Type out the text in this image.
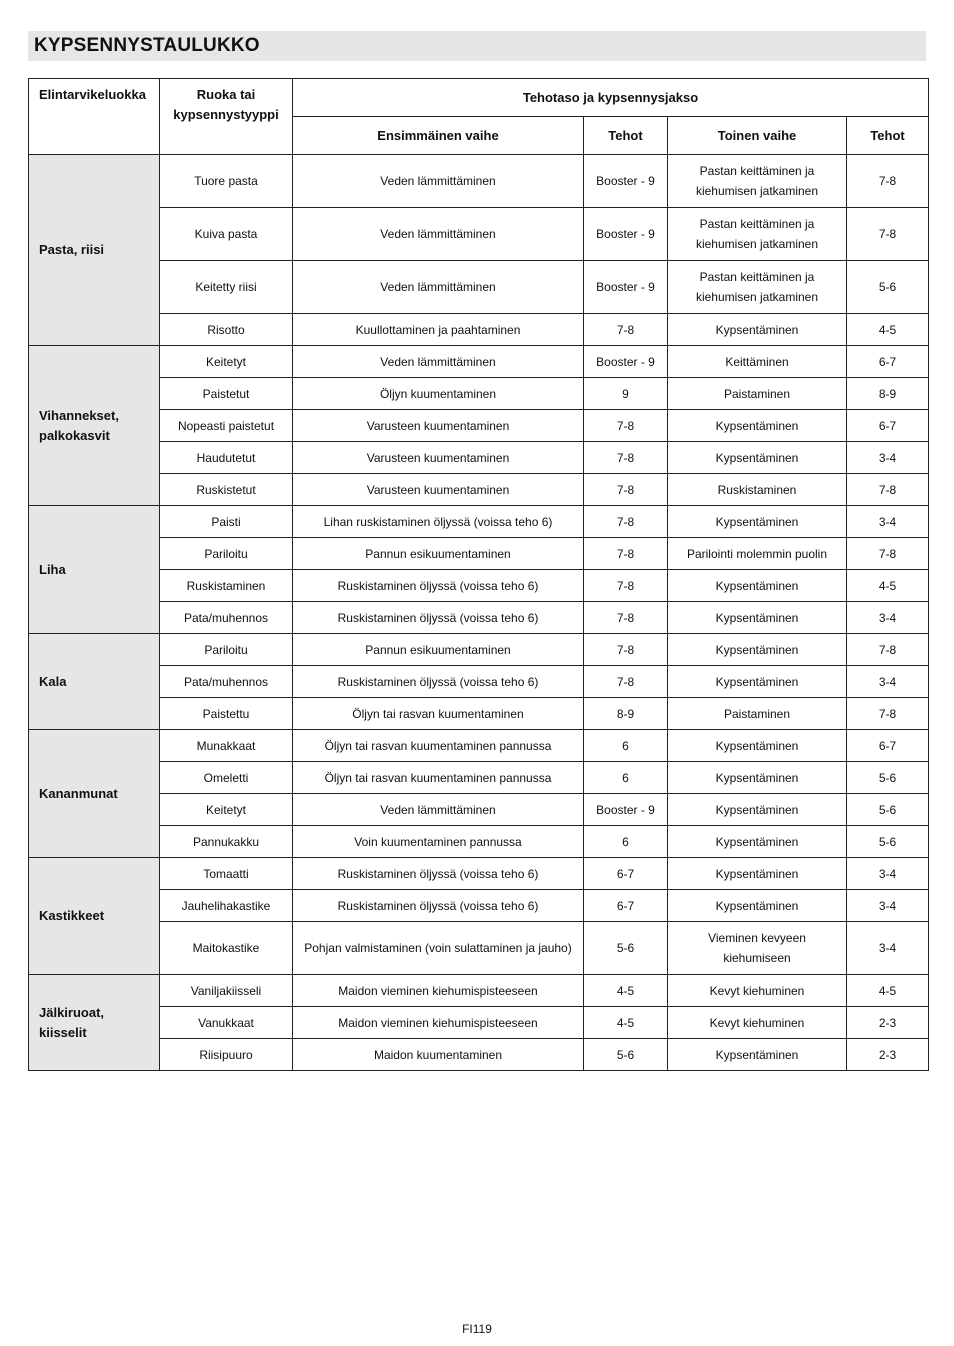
KYPSENNYSTAULUKKO
Elintarvikeluokka	Ruoka tai kypsennystyyppi	Tehotaso ja kypsennysjakso			
		Ensimmäinen vaihe	Tehot	Toinen vaihe	Tehot
Pasta, riisi	Tuore pasta	Veden lämmittäminen	Booster - 9	Pastan keittäminen ja kiehumisen jatkaminen	7-8
	Kuiva pasta	Veden lämmittäminen	Booster - 9	Pastan keittäminen ja kiehumisen jatkaminen	7-8
	Keitetty riisi	Veden lämmittäminen	Booster - 9	Pastan keittäminen ja kiehumisen jatkaminen	5-6
	Risotto	Kuullottaminen ja paahtaminen	7-8	Kypsentäminen	4-5
Vihannekset, palkokasvit	Keitetyt	Veden lämmittäminen	Booster - 9	Keittäminen	6-7
	Paistetut	Öljyn kuumentaminen	9	Paistaminen	8-9
	Nopeasti paistetut	Varusteen kuumentaminen	7-8	Kypsentäminen	6-7
	Haudutetut	Varusteen kuumentaminen	7-8	Kypsentäminen	3-4
	Ruskistetut	Varusteen kuumentaminen	7-8	Ruskistaminen	7-8
Liha	Paisti	Lihan ruskistaminen öljyssä (voissa teho 6)	7-8	Kypsentäminen	3-4
	Pariloitu	Pannun esikuumentaminen	7-8	Parilointi molemmin puolin	7-8
	Ruskistaminen	Ruskistaminen öljyssä (voissa teho 6)	7-8	Kypsentäminen	4-5
	Pata/muhennos	Ruskistaminen öljyssä (voissa teho 6)	7-8	Kypsentäminen	3-4
Kala	Pariloitu	Pannun esikuumentaminen	7-8	Kypsentäminen	7-8
	Pata/muhennos	Ruskistaminen öljyssä (voissa teho 6)	7-8	Kypsentäminen	3-4
	Paistettu	Öljyn tai rasvan kuumentaminen	8-9	Paistaminen	7-8
Kananmunat	Munakkaat	Öljyn tai rasvan kuumentaminen pannussa	6	Kypsentäminen	6-7
	Omeletti	Öljyn tai rasvan kuumentaminen pannussa	6	Kypsentäminen	5-6
	Keitetyt	Veden lämmittäminen	Booster - 9	Kypsentäminen	5-6
	Pannukakku	Voin kuumentaminen pannussa	6	Kypsentäminen	5-6
Kastikkeet	Tomaatti	Ruskistaminen öljyssä (voissa teho 6)	6-7	Kypsentäminen	3-4
	Jauhelihakastike	Ruskistaminen öljyssä (voissa teho 6)	6-7	Kypsentäminen	3-4
	Maitokastike	Pohjan valmistaminen (voin sulattaminen ja jauho)	5-6	Vieminen kevyeen kiehumiseen	3-4
Jälkiruoat, kiisselit	Vaniljakiisseli	Maidon vieminen kiehumispisteeseen	4-5	Kevyt kiehuminen	4-5
	Vanukkaat	Maidon vieminen kiehumispisteeseen	4-5	Kevyt kiehuminen	2-3
	Riisipuuro	Maidon kuumentaminen	5-6	Kypsentäminen	2-3
FI119
